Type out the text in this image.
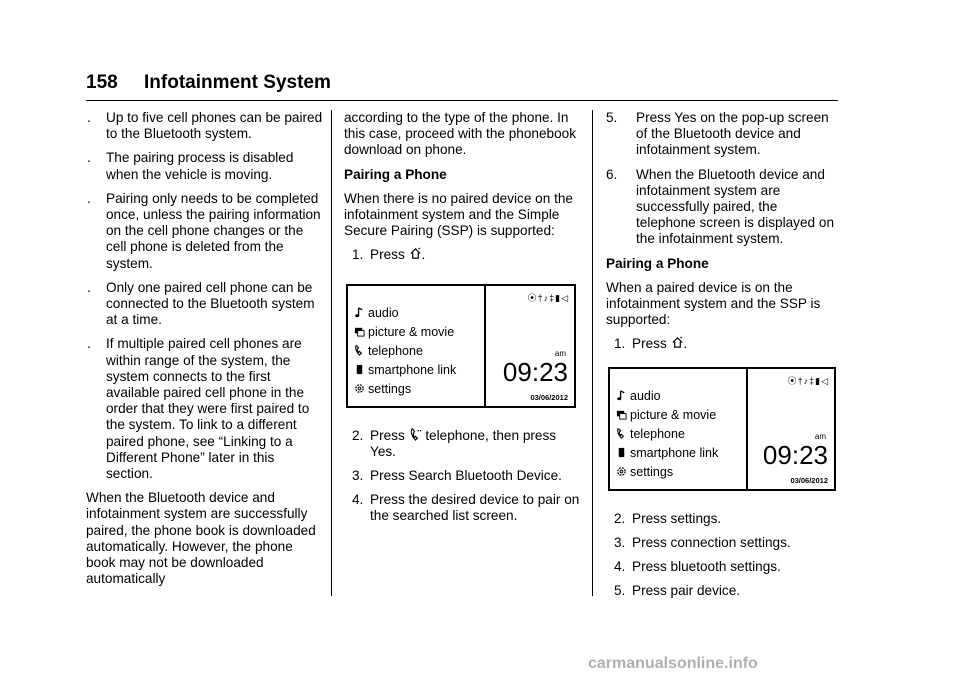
158 Infotainment System
. Up to five cell phones can be paired to the Bluetooth system.
. The pairing process is disabled when the vehicle is moving.
. Pairing only needs to be completed once, unless the pairing information on the cell phone changes or the cell phone is deleted from the system.
. Only one paired cell phone can be connected to the Bluetooth system at a time.
. If multiple paired cell phones are within range of the system, the system connects to the first available paired cell phone in the order that they were first paired to the system. To link to a different paired phone, see “Linking to a Different Phone” later in this section.

When the Bluetooth device and infotainment system are successfully paired, the phone book is downloaded automatically. However, the phone book may not be downloaded automatically

according to the type of the phone. In this case, proceed with the phonebook download on phone.

Pairing a Phone

When there is no paired device on the infotainment system and the Simple Secure Pairing (SSP) is supported:

1. Press .
audio
picture & movie
telephone
smartphone link
settings
⦿†♪‡▮◁
am
09:23
03/06/2012
2. Press telephone, then press Yes.
3. Press Search Bluetooth Device.
4. Press the desired device to pair on the searched list screen.
5. Press Yes on the pop-up screen of the Bluetooth device and infotainment system.
6. When the Bluetooth device and infotainment system are successfully paired, the telephone screen is displayed on the infotainment system.
Pairing a Phone

When a paired device is on the infotainment system and the SSP is supported:

1. Press .
audio
picture & movie
telephone
smartphone link
settings
⦿†♪‡▮◁
am
09:23
03/06/2012
2. Press settings.
3. Press connection settings.
4. Press bluetooth settings.
5. Press pair device.
carmanualsonline.info
